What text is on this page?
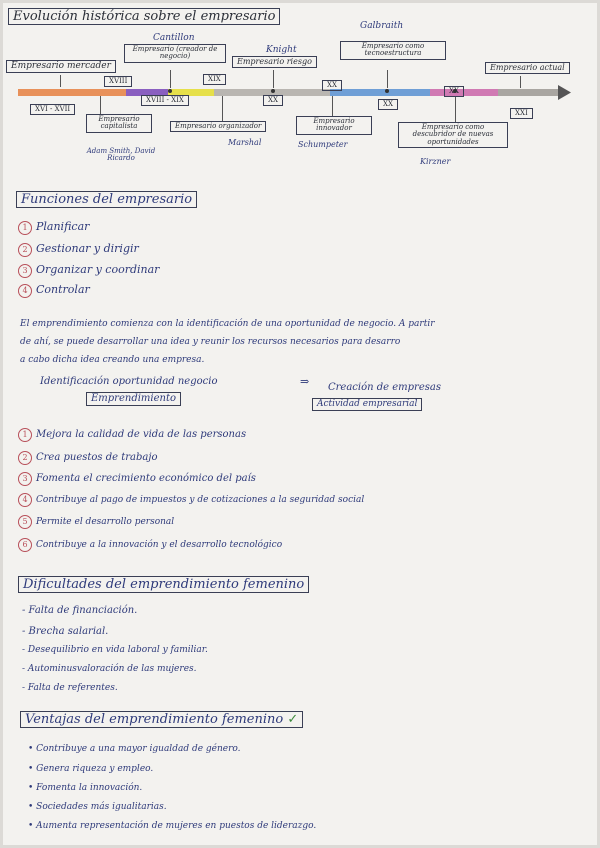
Evolución histórica sobre el empresario
Empresario mercader
Cantillon
Empresario (creador de negocio)
Knight
Empresario riesgo
Galbraith
Empresario como tecnoestructura
Empresario actual
XVI - XVII
XVIII
XVIII - XIX
XIX
XX
XX
XX
XX
XXI
Empresario capitalista
Adam Smith, David Ricardo
Empresario organizador
Marshal
Empresario innovador
Schumpeter
Empresario como descubridor de nuevas oportunidades
Kirzner
Funciones del empresario
1 Planificar
2 Gestionar y dirigir
3 Organizar y coordinar
4 Controlar
El emprendimiento comienza con la identificación de una oportunidad de negocio. A partir
de ahí, se puede desarrollar una idea y reunir los recursos necesarios para desarro
a cabo dicha idea creando una empresa.
Identificación oportunidad negocio	⇒ Creación de empresas
Emprendimiento	Actividad empresarial
1 Mejora la calidad de vida de las personas
2 Crea puestos de trabajo
3 Fomenta el crecimiento económico del país
4 Contribuye al pago de impuestos y de cotizaciones a la seguridad social
5 Permite el desarrollo personal
6 Contribuye a la innovación y el desarrollo tecnológico
Dificultades del emprendimiento femenino
- Falta de financiación.
- Brecha salarial.
- Desequilibrio en vida laboral y familiar.
- Autominusvaloración de las mujeres.
- Falta de referentes.
Ventajas del emprendimiento femenino ✓
• Contribuye a una mayor igualdad de género.
• Genera riqueza y empleo.
• Fomenta la innovación.
• Sociedades más igualitarias.
• Aumenta representación de mujeres en puestos de liderazgo.
